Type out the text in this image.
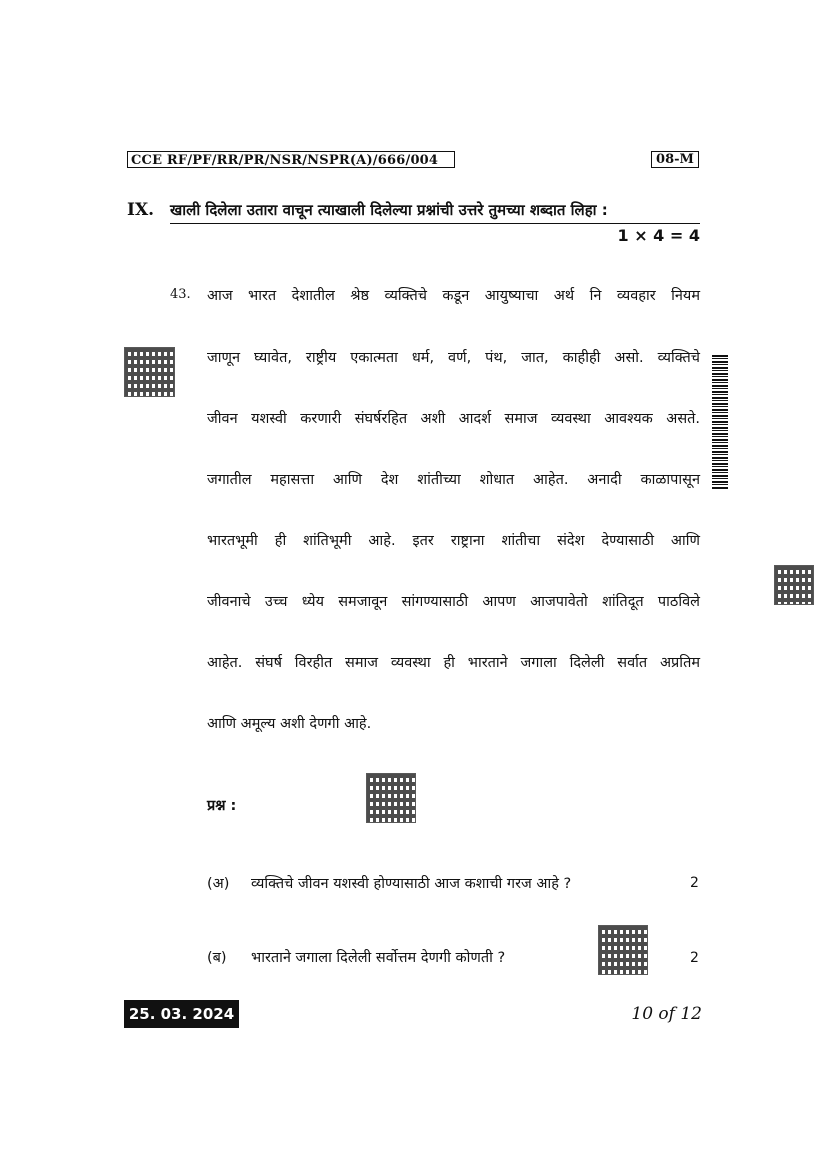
CCE RF/PF/RR/PR/NSR/NSPR(A)/666/004	08-M
IX. खाली दिलेला उतारा वाचून त्याखाली दिलेल्या प्रश्नांची उत्तरे तुमच्या शब्दात लिहा :
1 × 4 = 4
43. आज भारत देशातील श्रेष्ठ व्यक्तिचे कडून आयुष्याचा अर्थ नि व्यवहार नियम
जाणून घ्यावेत, राष्ट्रीय एकात्मता धर्म, वर्ण, पंथ, जात, काहीही असो. व्यक्तिचे
जीवन यशस्वी करणारी संघर्षरहित अशी आदर्श समाज व्यवस्था आवश्यक असते.
जगातील महासत्ता आणि देश शांतीच्या शोधात आहेत. अनादी काळापासून
भारतभूमी ही शांतिभूमी आहे. इतर राष्ट्राना शांतीचा संदेश देण्यासाठी आणि
जीवनाचे उच्च ध्येय समजावून सांगण्यासाठी आपण आजपावेतो शांतिदूत पाठविले
आहेत. संघर्ष विरहीत समाज व्यवस्था ही भारताने जगाला दिलेली सर्वात अप्रतिम
आणि अमूल्य अशी देणगी आहे.
प्रश्न :
(अ) व्यक्तिचे जीवन यशस्वी होण्यासाठी आज कशाची गरज आहे ?	2
(ब) भारताने जगाला दिलेली सर्वोत्तम देणगी कोणती ?	2
25. 03. 2024	10 of 12
